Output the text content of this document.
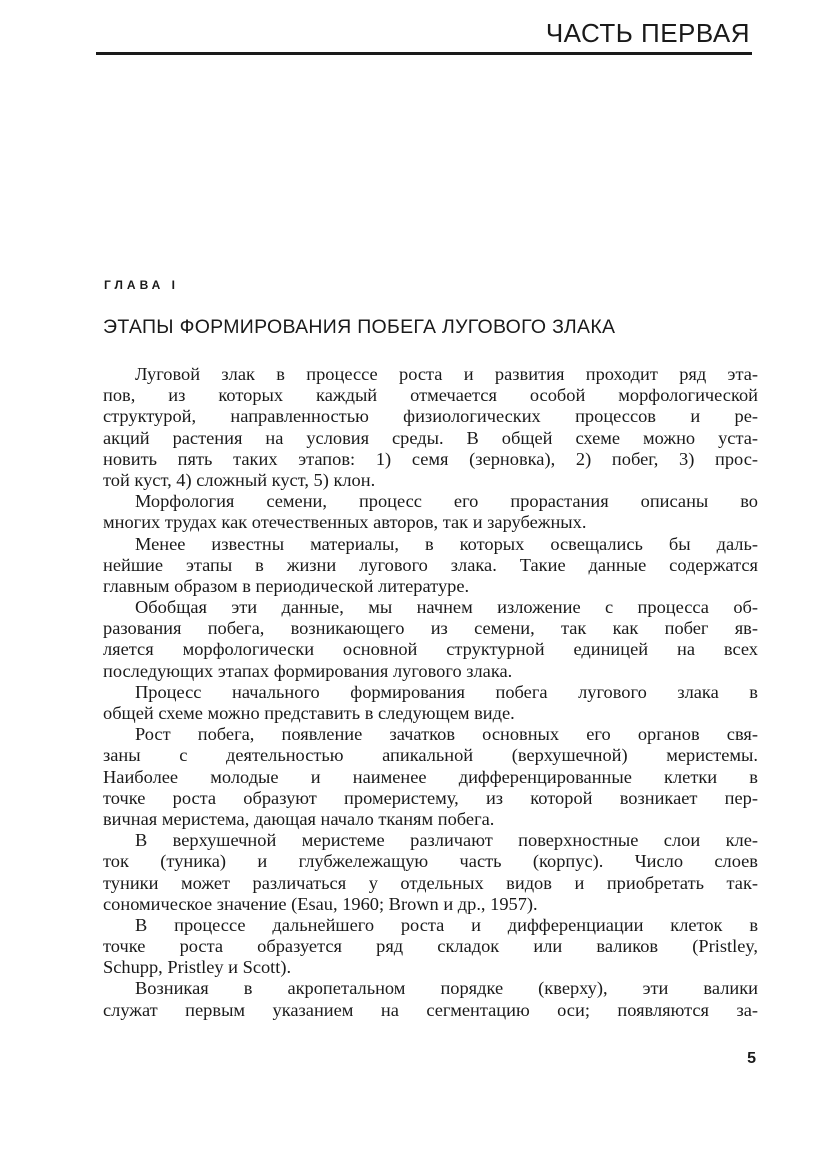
ЧАСТЬ ПЕРВАЯ
ГЛАВА I
ЭТАПЫ ФОРМИРОВАНИЯ ПОБЕГА ЛУГОВОГО ЗЛАКА
Луговой злак в процессе роста и развития проходит ряд эта-
пов, из которых каждый отмечается особой морфологической
структурой, направленностью физиологических процессов и ре-
акций растения на условия среды. В общей схеме можно уста-
новить пять таких этапов: 1) семя (зерновка), 2) побег, 3) прос-
той куст, 4) сложный куст, 5) клон.
Морфология семени, процесс его прорастания описаны во
многих трудах как отечественных авторов, так и зарубежных.
Менее известны материалы, в которых освещались бы даль-
нейшие этапы в жизни лугового злака. Такие данные содержатся
главным образом в периодической литературе.
Обобщая эти данные, мы начнем изложение с процесса об-
разования побега, возникающего из семени, так как побег яв-
ляется морфологически основной структурной единицей на всех
последующих этапах формирования лугового злака.
Процесс начального формирования побега лугового злака в
общей схеме можно представить в следующем виде.
Рост побега, появление зачатков основных его органов свя-
заны с деятельностью апикальной (верхушечной) меристемы.
Наиболее молодые и наименее дифференцированные клетки в
точке роста образуют промеристему, из которой возникает пер-
вичная меристема, дающая начало тканям побега.
В верхушечной меристеме различают поверхностные слои кле-
ток (туника) и глубжележащую часть (корпус). Число слоев
туники может различаться у отдельных видов и приобретать так-
сономическое значение (Esau, 1960; Brown и др., 1957).
В процессе дальнейшего роста и дифференциации клеток в
точке роста образуется ряд складок или валиков (Pristley,
Schupp, Pristley и Scott).
Возникая в акропетальном порядке (кверху), эти валики
служат первым указанием на сегментацию оси; появляются за-
5
